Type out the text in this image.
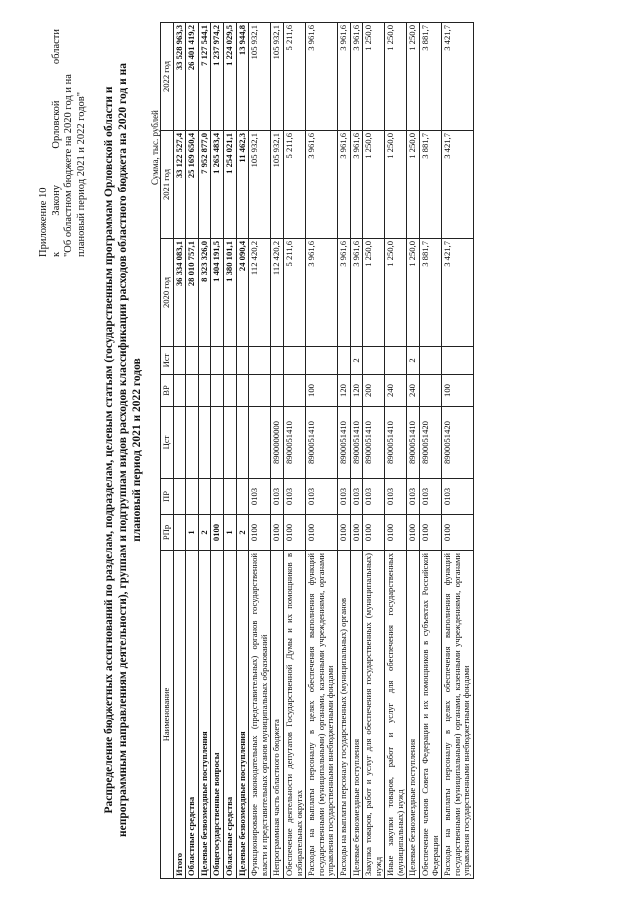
Приложение 10 к
Закону
Орловской
области
"Об областном бюджете на 2020 год и на плановый период 2021 и 2022 годов" Распределение бюджетных ассигнований по разделам, подразделам, целевым статьям (государственным программам Орловской области и непрограммным направлениям деятельности), группам и подгруппам видов расходов классификации расходов областного бюджета на 2020 год и на плановый период 2021 и 2022 годов
Сумма, тыс. рублей
Наименование	РПр	ПР	Цст	ВР	Ист	2020 год	2021 год	2022 год
Итого						36 334 083,1	33 122 527,4	33 528 963,3
Областные средства	1					28 010 757,1	25 169 650,4	26 401 419,2
Целевые безвозмездные поступления	2					8 323 326,0	7 952 877,0	7 127 544,1
Общегосударственные вопросы	0100					1 404 191,5	1 265 483,4	1 237 974,2
Областные средства	1					1 380 101,1	1 254 021,1	1 224 029,5
Целевые безвозмездные поступления	2					24 090,4	11 462,3	13 944,8
Функционирование законодательных (представительных) органов государственной власти и представительных органов муниципальных образований	0100	0103				112 420,2	105 932,1	105 932,1
Непрограммная часть областного бюджета	0100	0103	8900000000			112 420,2	105 932,1	105 932,1
Обеспечение деятельности депутатов Государственной Думы и их помощников в избирательных округах	0100	0103	8900051410			5 211,6	5 211,6	5 211,6
Расходы на выплаты персоналу в целях обеспечения выполнения функций государственными (муниципальными) органами, казенными учреждениями, органами управления государственными внебюджетными фондами	0100	0103	8900051410	100		3 961,6	3 961,6	3 961,6
Расходы на выплаты персоналу государственных (муниципальных) органов	0100	0103	8900051410	120		3 961,6	3 961,6	3 961,6
Целевые безвозмездные поступления	0100	0103	8900051410	120	2	3 961,6	3 961,6	3 961,6
Закупка товаров, работ и услуг для обеспечения государственных (муниципальных) нужд	0100	0103	8900051410	200		1 250,0	1 250,0	1 250,0
Иные закупки товаров, работ и услуг для обеспечения государственных (муниципальных) нужд	0100	0103	8900051410	240		1 250,0	1 250,0	1 250,0
Целевые безвозмездные поступления	0100	0103	8900051410	240	2	1 250,0	1 250,0	1 250,0
Обеспечение членов Совета Федерации и их помощников в субъектах Российской Федерации	0100	0103	8900051420			3 881,7	3 881,7	3 881,7
Расходы на выплаты персоналу в целях обеспечения выполнения функций государственными (муниципальными) органами, казенными учреждениями, органами управления государственными внебюджетными фондами	0100	0103	8900051420	100		3 421,7	3 421,7	3 421,7
